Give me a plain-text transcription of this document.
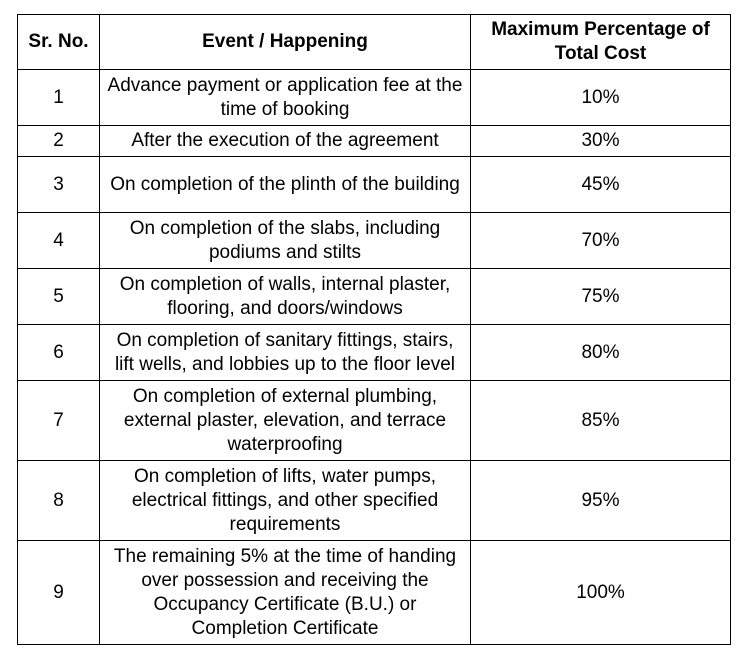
Sr. No.	Event / Happening	Maximum Percentage of Total Cost
1	Advance payment or application fee at the time of booking	10%
2	After the execution of the agreement	30%
3	On completion of the plinth of the building	45%
4	On completion of the slabs, including podiums and stilts	70%
5	On completion of walls, internal plaster, flooring, and doors/windows	75%
6	On completion of sanitary fittings, stairs, lift wells, and lobbies up to the floor level	80%
7	On completion of external plumbing, external plaster, elevation, and terrace waterproofing	85%
8	On completion of lifts, water pumps, electrical fittings, and other specified requirements	95%
9	The remaining 5% at the time of handing over possession and receiving the Occupancy Certificate (B.U.) or Completion Certificate	100%
